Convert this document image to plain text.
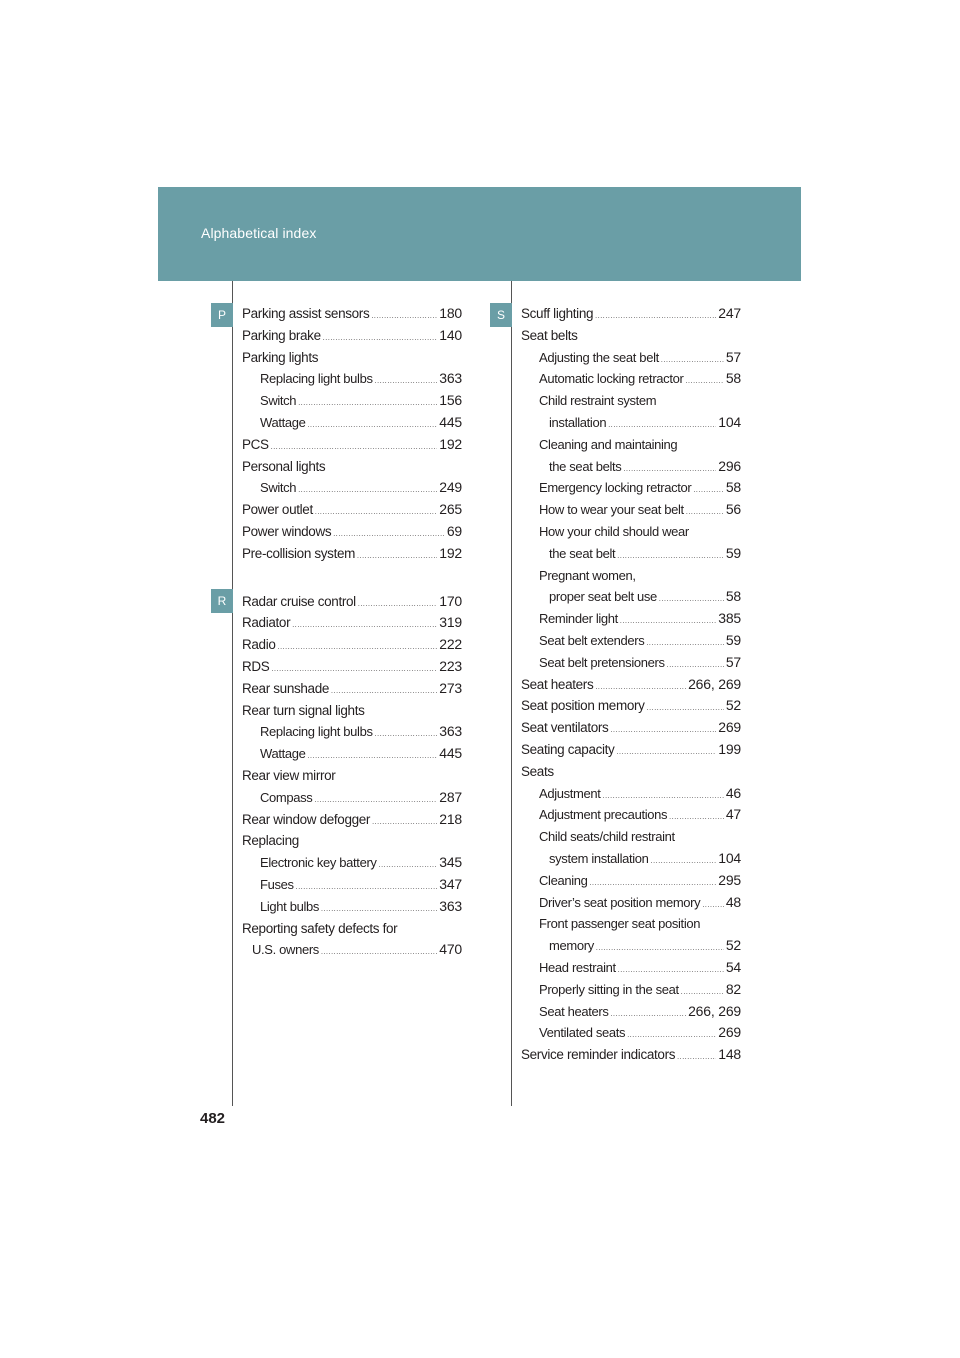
Alphabetical index
P
R
S
Parking assist sensors .....	180
Parking brake .....	140
Parking lights
Replacing light bulbs .....	363
Switch .....	156
Wattage .....	445
PCS .....	192
Personal lights
Switch .....	249
Power outlet .....	265
Power windows .....	69
Pre-collision system .....	192
Radar cruise control .....	170
Radiator .....	319
Radio .....	222
RDS .....	223
Rear sunshade .....	273
Rear turn signal lights
Replacing light bulbs .....	363
Wattage .....	445
Rear view mirror
Compass .....	287
Rear window defogger .....	218
Replacing
Electronic key battery .....	345
Fuses .....	347
Light bulbs .....	363
Reporting safety defects for
U.S. owners .....	470
Scuff lighting .....	247
Seat belts
Adjusting the seat belt .....	57
Automatic locking retractor .....	58
Child restraint system
installation .....	104
Cleaning and maintaining
the seat belts .....	296
Emergency locking retractor ..... 58
How to wear your seat belt .....	56
How your child should wear
the seat belt .....	59
Pregnant women,
proper seat belt use .....	58
Reminder light .....	385
Seat belt extenders .....	59
Seat belt pretensioners .....	57
Seat heaters .....	266, 269
Seat position memory .....	52
Seat ventilators .....	269
Seating capacity .....	199
Seats
Adjustment .....	46
Adjustment precautions .....	47
Child seats/child restraint
system installation .....	104
Cleaning .....	295
Driver’s seat position memory ..... 48
Front passenger seat position
memory .....	52
Head restraint .....	54
Properly sitting in the seat .....	82
Seat heaters .....	266, 269
Ventilated seats .....	269
Service reminder indicators .....	148
482
